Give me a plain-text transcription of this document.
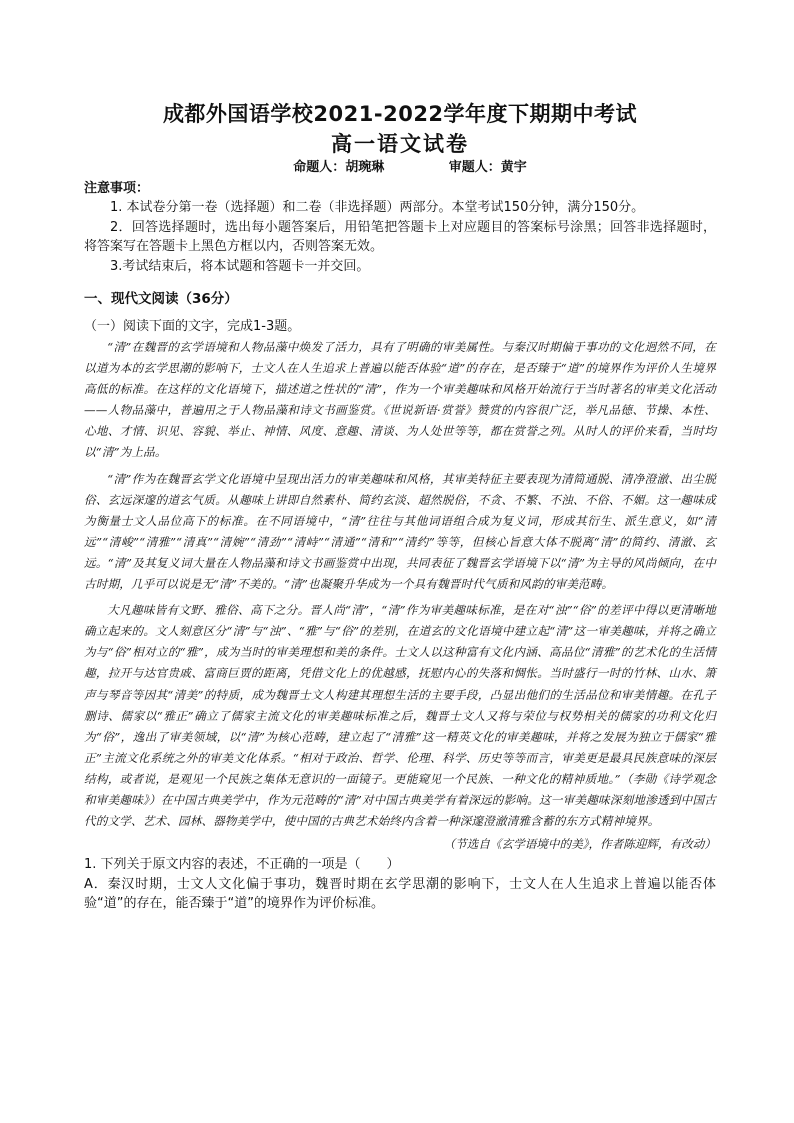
成都外国语学校2021-2022学年度下期期中考试
高一语文试卷
命题人：胡琬琳	审题人：黄宇
注意事项：

1. 本试卷分第一卷（选择题）和二卷（非选择题）两部分。本堂考试150分钟，满分150分。

2．回答选择题时，选出每小题答案后，用铅笔把答题卡上对应题目的答案标号涂黑；回答非选择题时，将答案写在答题卡上黑色方框以内，否则答案无效。

3.考试结束后，将本试题和答题卡一并交回。

一、现代文阅读（36分）
（一）阅读下面的文字，完成1-3题。

“清”在魏晋的玄学语境和人物品藻中焕发了活力，具有了明确的审美属性。与秦汉时期偏于事功的文化迥然不同，在以道为本的玄学思潮的影响下，士文人在人生追求上普遍以能否体验“道”的存在，是否臻于“道”的境界作为评价人生境界高低的标准。在这样的文化语境下，描述道之性状的“清”，作为一个审美趣味和风格开始流行于当时著名的审美文化活动——人物品藻中，普遍用之于人物品藻和诗文书画鉴赏。《世说新语·赏誉》赞赏的内容很广泛，举凡品德、节操、本性、心地、才情、识见、容貌、举止、神情、风度、意趣、清谈、为人处世等等，都在赏誉之列。从时人的评价来看，当时均以“清”为上品。

“清”作为在魏晋玄学文化语境中呈现出活力的审美趣味和风格，其审美特征主要表现为清简通脱、清净澄澈、出尘脱俗、玄远深邃的道玄气质。从趣味上讲即自然素朴、简约玄淡、超然脱俗，不贪、不繁、不浊、不俗、不媚。这一趣味成为衡量士文人品位高下的标准。在不同语境中，“清”往往与其他词语组合成为复义词，形成其衍生、派生意义，如“清远”“清峻”“清雅”“清真”“清婉”“清劲”“清峙”“清通”“清和”“清约”等等，但核心旨意大体不脱离“清”的简约、清澈、玄远。“清”及其复义词大量在人物品藻和诗文书画鉴赏中出现，共同表征了魏晋玄学语境下以“清”为主导的风尚倾向，在中古时期，几乎可以说是无“清”不美的。“清”也凝聚升华成为一个具有魏晋时代气质和风韵的审美范畴。

大凡趣味皆有文野、雅俗、高下之分。晋人尚“清”，“清”作为审美趣味标准，是在对“浊”“俗”的差评中得以更清晰地确立起来的。文人刻意区分“清”与“浊”、“雅”与“俗”的差别，在道玄的文化语境中建立起“清”这一审美趣味，并将之确立为与“俗”相对立的“雅”，成为当时的审美理想和美的条件。士文人以这种富有文化内涵、高品位“清雅”的艺术化的生活情趣，拉开与达官贵戚、富商巨贾的距离，凭借文化上的优越感，抚慰内心的失落和惆怅。当时盛行一时的竹林、山水、箫声与琴音等因其“清美”的特质，成为魏晋士文人构建其理想生活的主要手段，凸显出他们的生活品位和审美情趣。在孔子删诗、儒家以“雅正”确立了儒家主流文化的审美趣味标准之后，魏晋士文人又将与荣位与权势相关的儒家的功利文化归为“俗”，逸出了审美领域，以“清”为核心范畴，建立起了“清雅”这一精英文化的审美趣味，并将之发展为独立于儒家“雅正”主流文化系统之外的审美文化体系。“相对于政治、哲学、伦理、科学、历史等等而言，审美更是最具民族意味的深层结构，或者说，是观见一个民族之集体无意识的一面镜子。更能窥见一个民族、一种文化的精神质地。”（李勋《诗学观念和审美趣味》）在中国古典美学中，作为元范畴的“清”对中国古典美学有着深远的影响。这一审美趣味深刻地渗透到中国古代的文学、艺术、园林、器物美学中，使中国的古典艺术始终内含着一种深邃澄澈清雅含蓄的东方式精神境界。

（节选自《玄学语境中的美》，作者陈迎辉，有改动）
1. 下列关于原文内容的表述，不正确的一项是（　　）
A．秦汉时期，士文人文化偏于事功，魏晋时期在玄学思潮的影响下，士文人在人生追求上普遍以能否体验“道”的存在，能否臻于“道”的境界作为评价标准。
